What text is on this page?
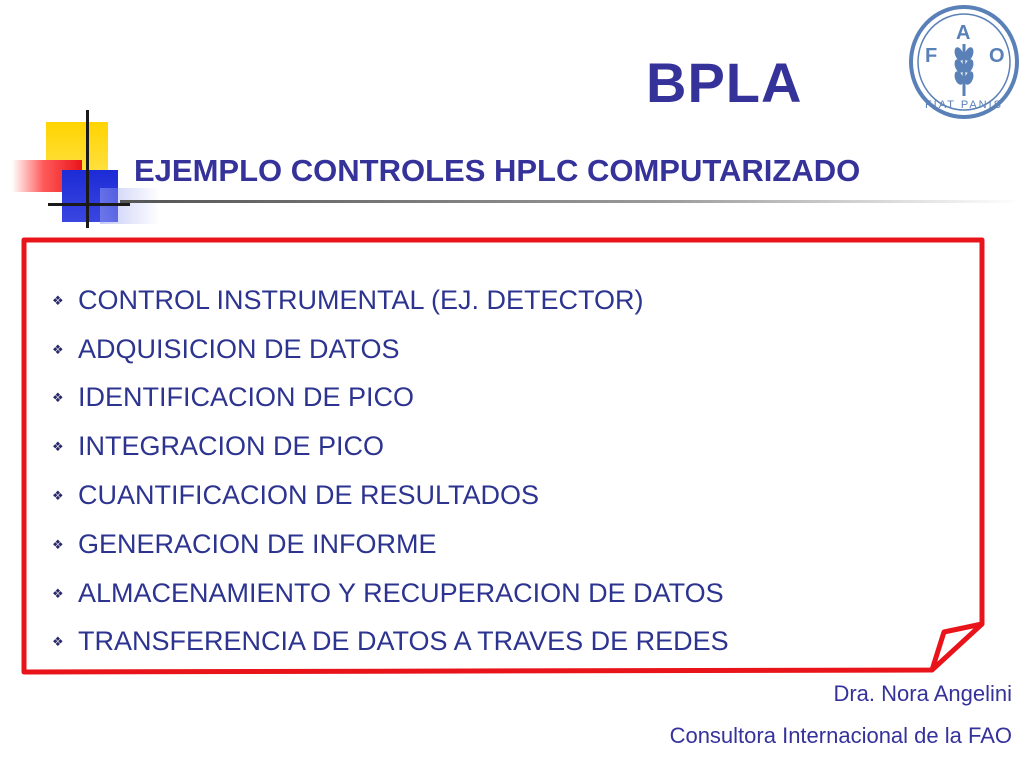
BPLA
EJEMPLO CONTROLES HPLC COMPUTARIZADO
F
A
O
FIAT PANIS
❖ CONTROL INSTRUMENTAL (EJ. DETECTOR)
❖ ADQUISICION DE DATOS
❖ IDENTIFICACION DE PICO
❖ INTEGRACION DE PICO
❖ CUANTIFICACION DE RESULTADOS
❖ GENERACION DE INFORME
❖ ALMACENAMIENTO Y RECUPERACION DE DATOS
❖ TRANSFERENCIA DE DATOS A TRAVES DE REDES
Dra. Nora Angelini
Consultora Internacional de la FAO
